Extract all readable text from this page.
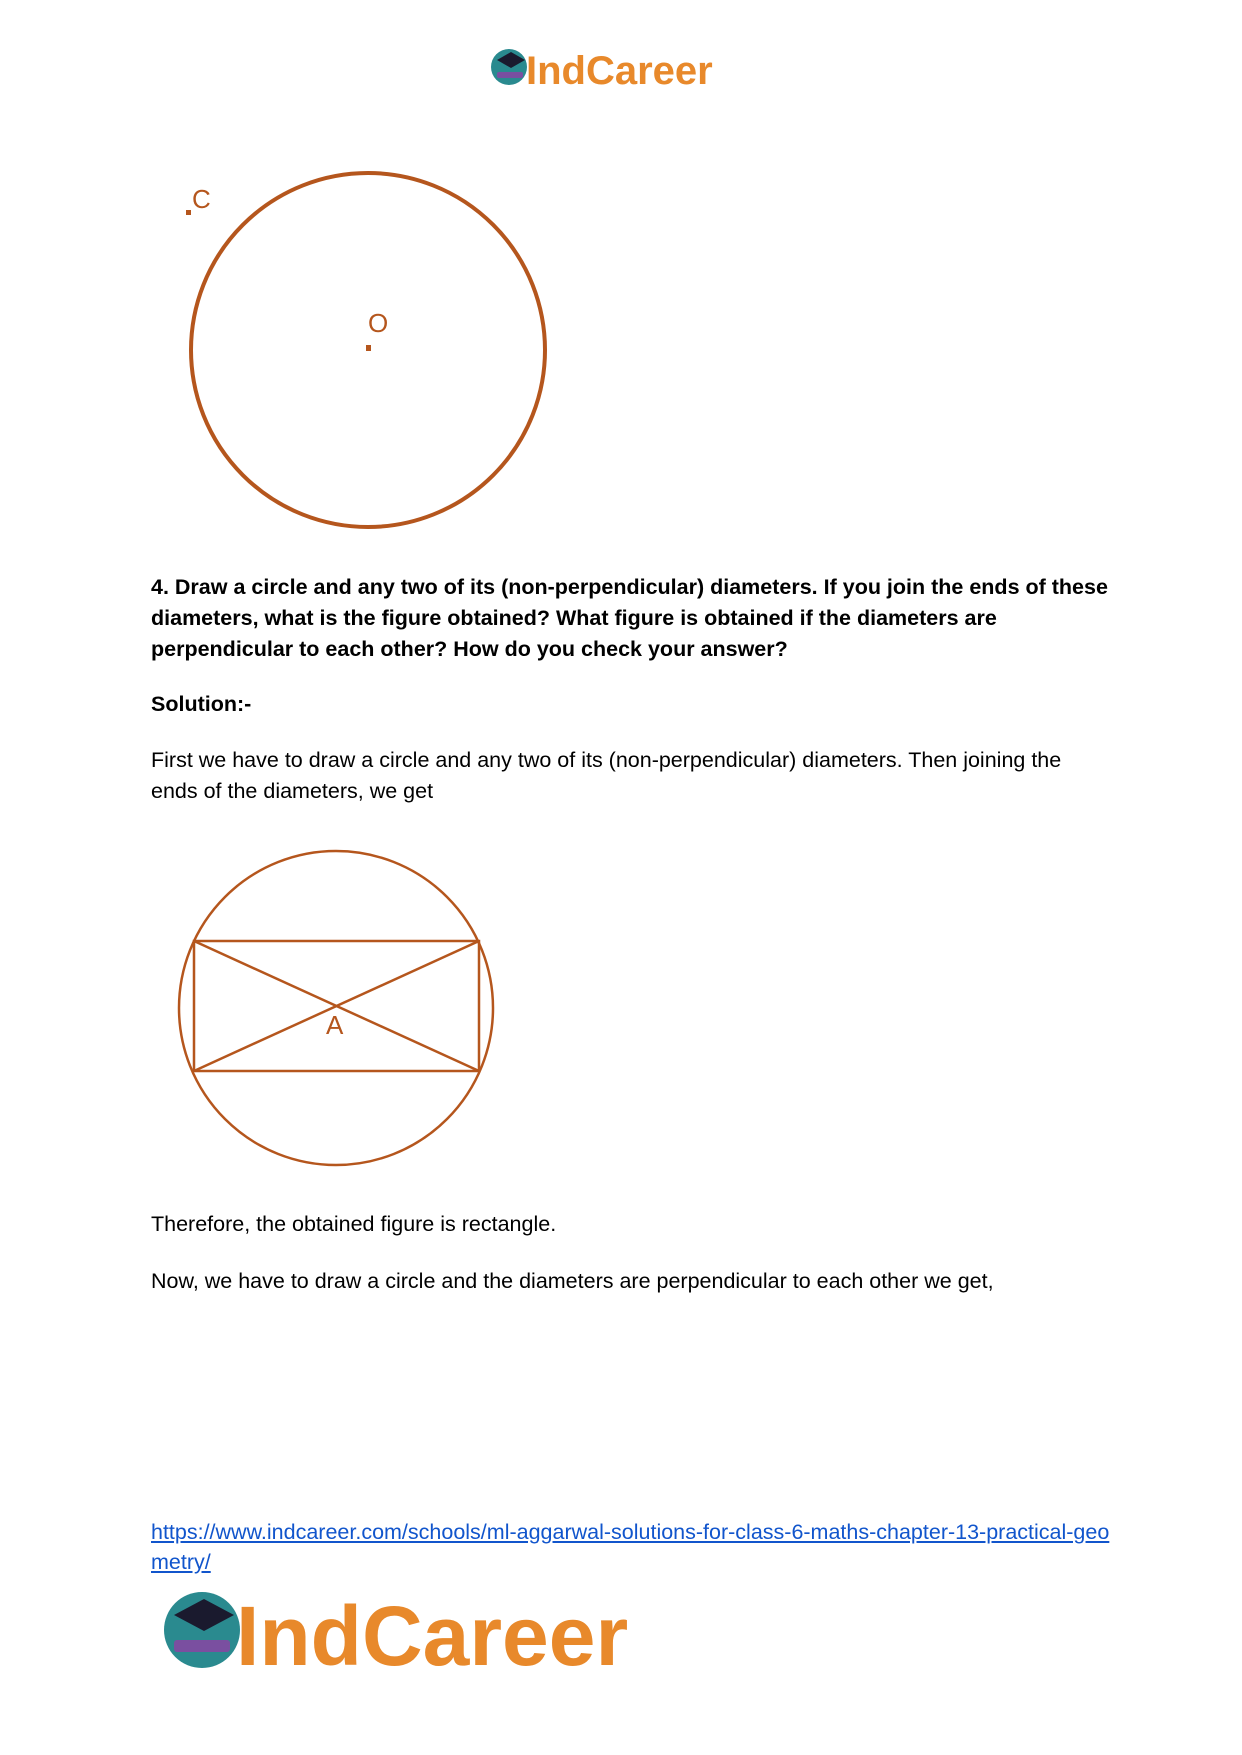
IndCareer
C
O
4. Draw a circle and any two of its (non-perpendicular) diameters. If you join the ends of these diameters, what is the figure obtained? What figure is obtained if the diameters are perpendicular to each other? How do you check your answer?
Solution:-
First we have to draw a circle and any two of its (non-perpendicular) diameters. Then joining the ends of the diameters, we get
A
Therefore, the obtained figure is rectangle.
Now, we have to draw a circle and the diameters are perpendicular to each other we get,
https://www.indcareer.com/schools/ml-aggarwal-solutions-for-class-6-maths-chapter-13-practical-geometry/
IndCareer
